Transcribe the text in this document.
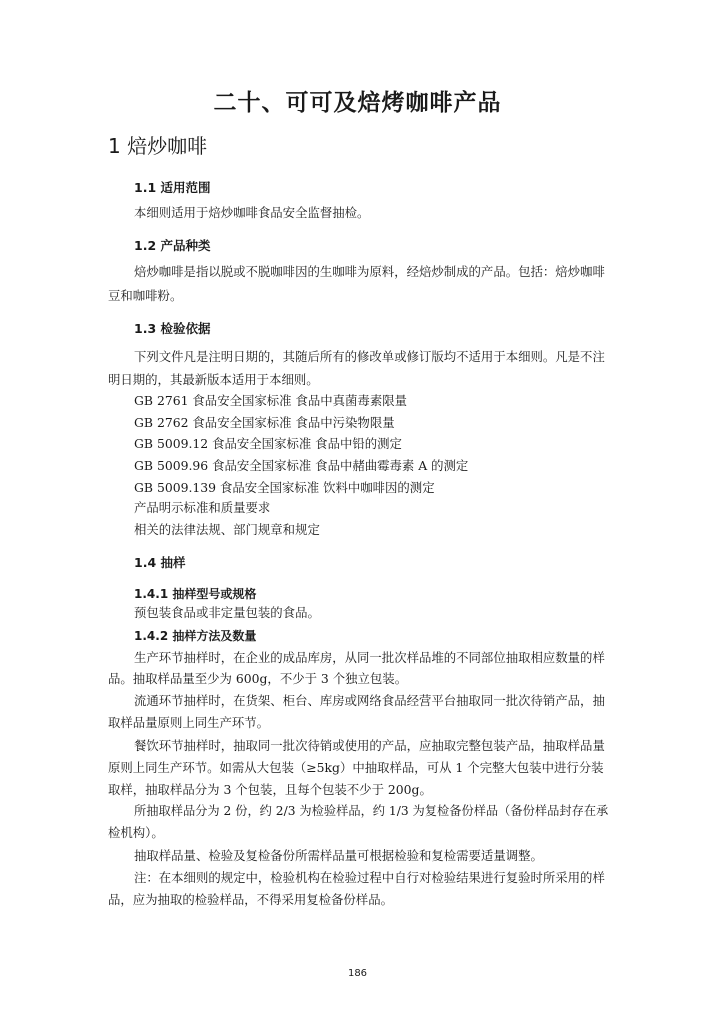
二十、可可及焙烤咖啡产品
1 焙炒咖啡
1.1 适用范围
本细则适用于焙炒咖啡食品安全监督抽检。
1.2 产品种类
焙炒咖啡是指以脱或不脱咖啡因的生咖啡为原料，经焙炒制成的产品。包括：焙炒咖啡
豆和咖啡粉。
1.3 检验依据
下列文件凡是注明日期的，其随后所有的修改单或修订版均不适用于本细则。凡是不注
明日期的，其最新版本适用于本细则。
GB 2761 食品安全国家标准 食品中真菌毒素限量
GB 2762 食品安全国家标准 食品中污染物限量
GB 5009.12 食品安全国家标准 食品中铅的测定
GB 5009.96 食品安全国家标准 食品中赭曲霉毒素 A 的测定
GB 5009.139 食品安全国家标准 饮料中咖啡因的测定
产品明示标准和质量要求
相关的法律法规、部门规章和规定
1.4 抽样
1.4.1 抽样型号或规格
预包装食品或非定量包装的食品。
1.4.2 抽样方法及数量
生产环节抽样时，在企业的成品库房，从同一批次样品堆的不同部位抽取相应数量的样
品。抽取样品量至少为 600g，不少于 3 个独立包装。
流通环节抽样时，在货架、柜台、库房或网络食品经营平台抽取同一批次待销产品，抽
取样品量原则上同生产环节。
餐饮环节抽样时，抽取同一批次待销或使用的产品，应抽取完整包装产品，抽取样品量
原则上同生产环节。如需从大包装（≥5kg）中抽取样品，可从 1 个完整大包装中进行分装
取样，抽取样品分为 3 个包装，且每个包装不少于 200g。
所抽取样品分为 2 份，约 2/3 为检验样品，约 1/3 为复检备份样品（备份样品封存在承
检机构）。
抽取样品量、检验及复检备份所需样品量可根据检验和复检需要适量调整。
注：在本细则的规定中，检验机构在检验过程中自行对检验结果进行复验时所采用的样
品，应为抽取的检验样品，不得采用复检备份样品。
186
